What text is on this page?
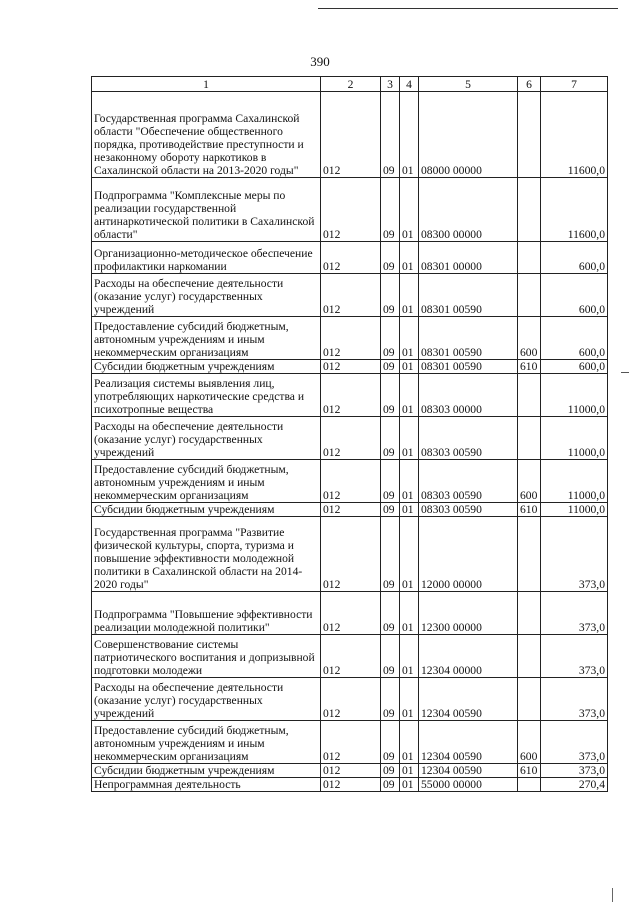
390
1	2	3	4	5	6	7
Государственная программа Сахалинской области "Обеспечение общественного порядка, противодействие преступности и незаконному обороту наркотиков в Сахалинской области на 2013-2020 годы"	012	09	01	08000 00000		11600,0
Подпрограмма "Комплексные меры по реализации государственной антинаркотической политики в Сахалинской области"	012	09	01	08300 00000		11600,0
Организационно-методическое обеспечение профилактики наркомании	012	09	01	08301 00000		600,0
Расходы на обеспечение деятельности (оказание услуг) государственных учреждений	012	09	01	08301 00590		600,0
Предоставление субсидий бюджетным, автономным учреждениям и иным некоммерческим организациям	012	09	01	08301 00590	600	600,0
Субсидии бюджетным учреждениям	012	09	01	08301 00590	610	600,0
Реализация системы выявления лиц, употребляющих наркотические средства и психотропные вещества	012	09	01	08303 00000		11000,0
Расходы на обеспечение деятельности (оказание услуг) государственных учреждений	012	09	01	08303 00590		11000,0
Предоставление субсидий бюджетным, автономным учреждениям и иным некоммерческим организациям	012	09	01	08303 00590	600	11000,0
Субсидии бюджетным учреждениям	012	09	01	08303 00590	610	11000,0
Государственная программа "Развитие физической культуры, спорта, туризма и повышение эффективности молодежной политики в Сахалинской области на 2014-2020 годы"	012	09	01	12000 00000		373,0
Подпрограмма "Повышение эффективности реализации молодежной политики"	012	09	01	12300 00000		373,0
Совершенствование системы патриотического воспитания и допризывной подготовки молодежи	012	09	01	12304 00000		373,0
Расходы на обеспечение деятельности (оказание услуг) государственных учреждений	012	09	01	12304 00590		373,0
Предоставление субсидий бюджетным, автономным учреждениям и иным некоммерческим организациям	012	09	01	12304 00590	600	373,0
Субсидии бюджетным учреждениям	012	09	01	12304 00590	610	373,0
Непрограммная деятельность	012	09	01	55000 00000		270,4
